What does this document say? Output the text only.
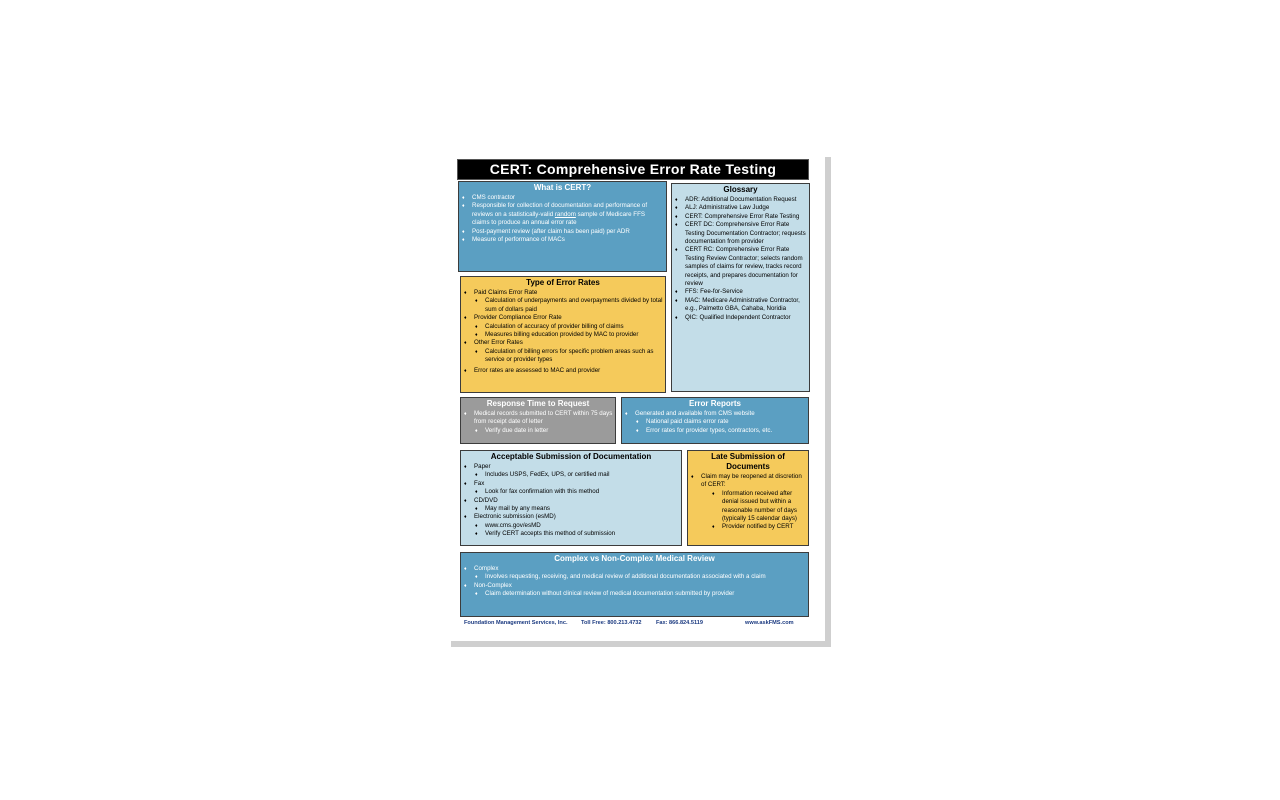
CERT: Comprehensive Error Rate Testing
What is CERT?
♦ CMS contractor
♦ Responsible for collection of documentation and performance of reviews on a statistically-valid random sample of Medicare FFS claims to produce an annual error rate
♦ Post-payment review (after claim has been paid) per ADR
♦ Measure of performance of MACs
Glossary
♦ ADR: Additional Documentation Request
♦ ALJ: Administrative Law Judge
♦ CERT: Comprehensive Error Rate Testing
♦ CERT DC: Comprehensive Error Rate Testing Documentation Contractor; requests documentation from provider
♦ CERT RC: Comprehensive Error Rate Testing Review Contractor; selects random samples of claims for review, tracks record receipts, and prepares documentation for review
♦ FFS: Fee-for-Service
♦ MAC: Medicare Administrative Contractor, e.g., Palmetto GBA, Cahaba, Noridia
♦ QIC: Qualified Independent Contractor
Type of Error Rates
♦ Paid Claims Error Rate
♦ Calculation of underpayments and overpayments divided by total sum of dollars paid
♦ Provider Compliance Error Rate
♦ Calculation of accuracy of provider billing of claims
♦ Measures billing education provided by MAC to provider
♦ Other Error Rates
♦ Calculation of billing errors for specific problem areas such as service or provider types
♦ Error rates are assessed to MAC and provider
Response Time to Request
♦ Medical records submitted to CERT within 75 days from receipt date of letter
♦ Verify due date in letter
Error Reports
♦ Generated and available from CMS website
♦ National paid claims error rate
♦ Error rates for provider types, contractors, etc.
Acceptable Submission of Documentation
♦ Paper
♦ Includes USPS, FedEx, UPS, or certified mail
♦ Fax
♦ Look for fax confirmation with this method
♦ CD/DVD
♦ May mail by any means
♦ Electronic submission (esMD)
♦ www.cms.gov/esMD
♦ Verify CERT accepts this method of submission
Late Submission of Documents
♦ Claim may be reopened at discretion of CERT:
♦ Information received after denial issued but within a reasonable number of days (typically 15 calendar days)
♦ Provider notified by CERT
Complex vs Non-Complex Medical Review
♦ Complex
♦ Involves requesting, receiving, and medical review of additional documentation associated with a claim
♦ Non-Complex
♦ Claim determination without clinical review of medical documentation submitted by provider
Foundation Management Services, Inc. Toll Free: 800.213.4732	Fax: 866.824.5119	www.askFMS.com
